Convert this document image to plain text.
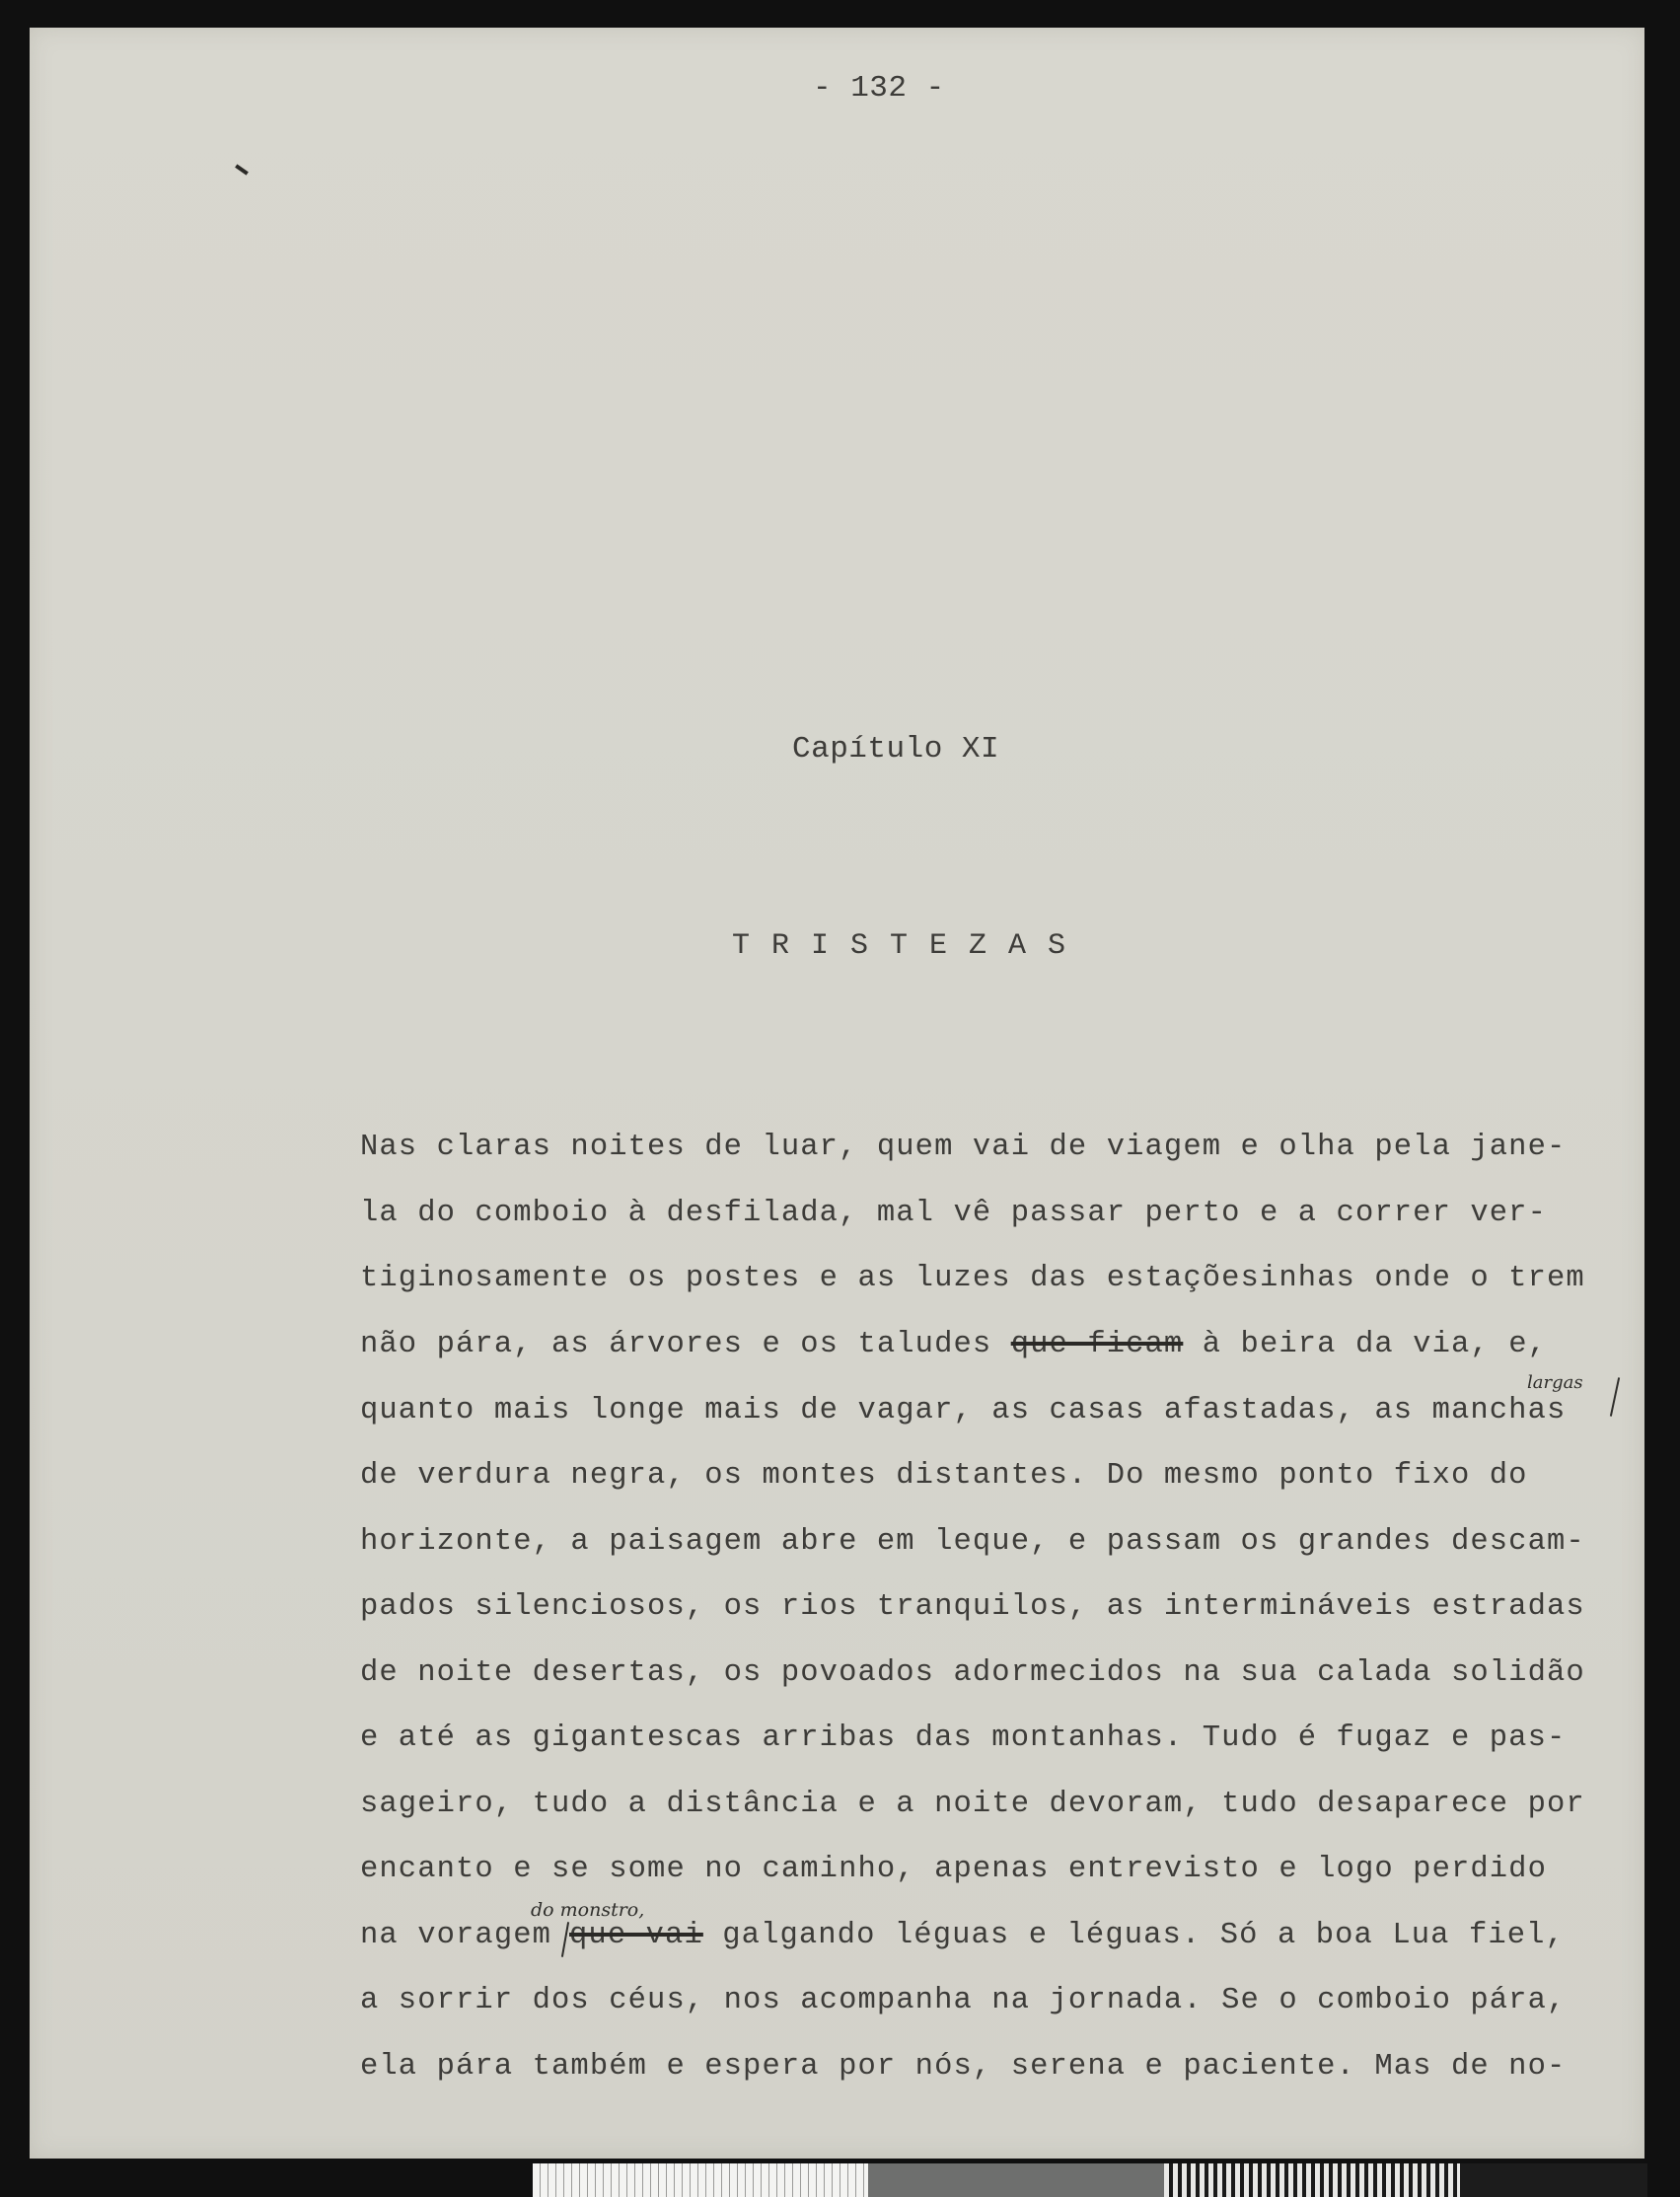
- 132 -
Capítulo XI
T R I S T E Z A S
Nas claras noites de luar, quem vai de viagem e olha pela jane-
la do comboio à desfilada, mal vê passar perto e a correr ver-
tiginosamente os postes e as luzes das estaçõesinhas onde o trem
não pára, as árvores e os taludes que ficam à beira da via, e,
largas
quanto mais longe mais de vagar, as casas afastadas, as manchas
de verdura negra, os montes distantes. Do mesmo ponto fixo do
horizonte, a paisagem abre em leque, e passam os grandes descam-
pados silenciosos, os rios tranquilos, as intermináveis estradas
de noite desertas, os povoados adormecidos na sua calada solidão
e até as gigantescas arribas das montanhas. Tudo é fugaz e pas-
sageiro, tudo a distância e a noite devoram, tudo desaparece por
encanto e se some no caminho, apenas entrevisto e logo perdido
do monstro,
na voragem que vai galgando léguas e léguas. Só a boa Lua fiel,
a sorrir dos céus, nos acompanha na jornada. Se o comboio pára,
ela pára também e espera por nós, serena e paciente. Mas de no-
